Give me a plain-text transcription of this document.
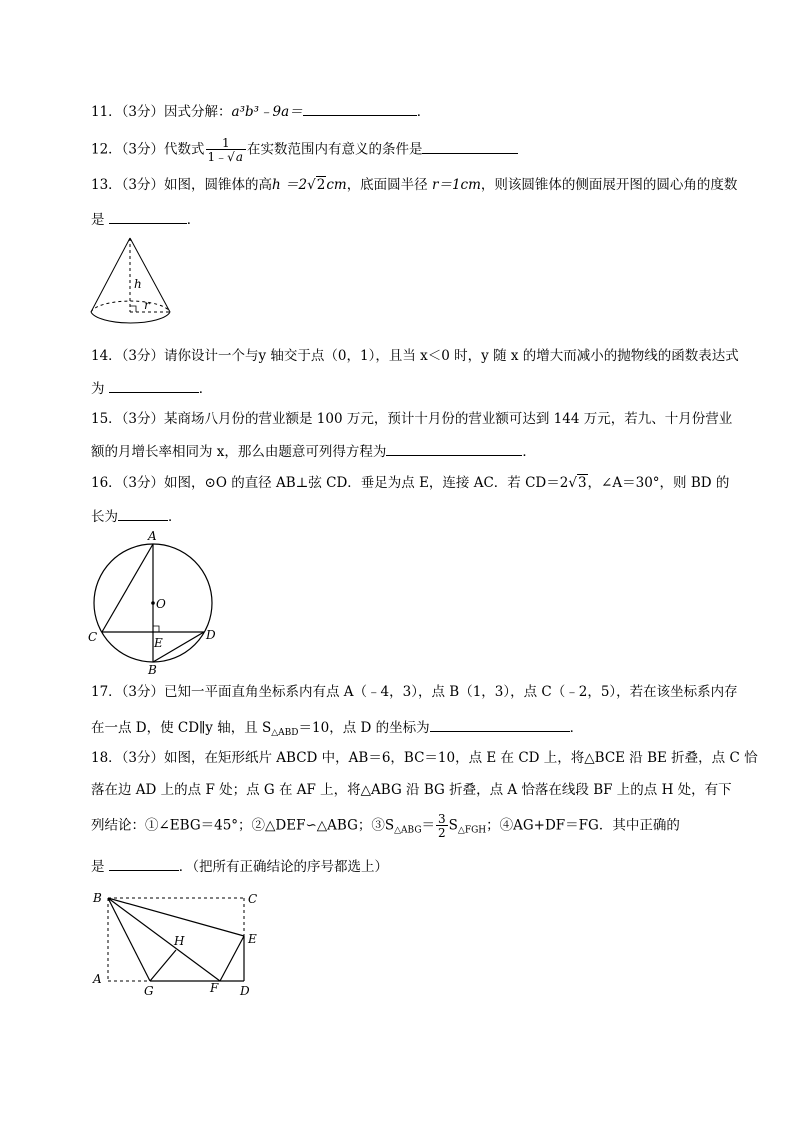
11．（3分）因式分解：a³b³﹣9a＝	．
12．（3分）代数式 $\frac{1}{1﹣√a}$ 在实数范围内有意义的条件是
13．（3分）如图，圆锥体的高h ＝2√2cm，底面圆半径 r＝1cm，则该圆锥体的侧面展开图的圆心角的度数
是	．
h
r
14．（3分）请你设计一个与y 轴交于点（0，1），且当 x＜0 时，y 随 x 的增大而减小的抛物线的函数表达式
为	．
15．（3分）某商场八月份的营业额是 100 万元，预计十月份的营业额可达到 144 万元，若九、十月份营业
额的月增长率相同为 x，那么由题意可列得方程为	．
16．（3分）如图，⊙O 的直径 AB⊥弦 CD．垂足为点 E，连接 AC．若 CD＝2√3，∠A＝30°，则 BD 的
长为	．
A
O
C	E
D
B
17．（3分）已知一平面直角坐标系内有点 A（﹣4，3），点 B（1，3），点 C（﹣2，5），若在该坐标系内存
在一点 D，使 CD∥y 轴，且 $S_{\triangle ABD}=10$，点 D 的坐标为	．
18．（3分）如图，在矩形纸片 ABCD 中，AB＝6，BC＝10，点 E 在 CD 上，将△BCE 沿 BE 折叠，点 C 恰
落在边 AD 上的点 F 处；点 G 在 AF 上，将△ABG 沿 BG 折叠，点 A 恰落在线段 BF 上的点 H 处，有下
列结论：①∠EBG＝45°；②△DEF∽△ABG；$③S_{\triangle ABG}= \frac{3}{2} S_{\triangle FGH}$；④AG+DF＝FG．其中正确的
是	．（把所有正确结论的序号都选上）
B	C
H	E
A
G	F D
